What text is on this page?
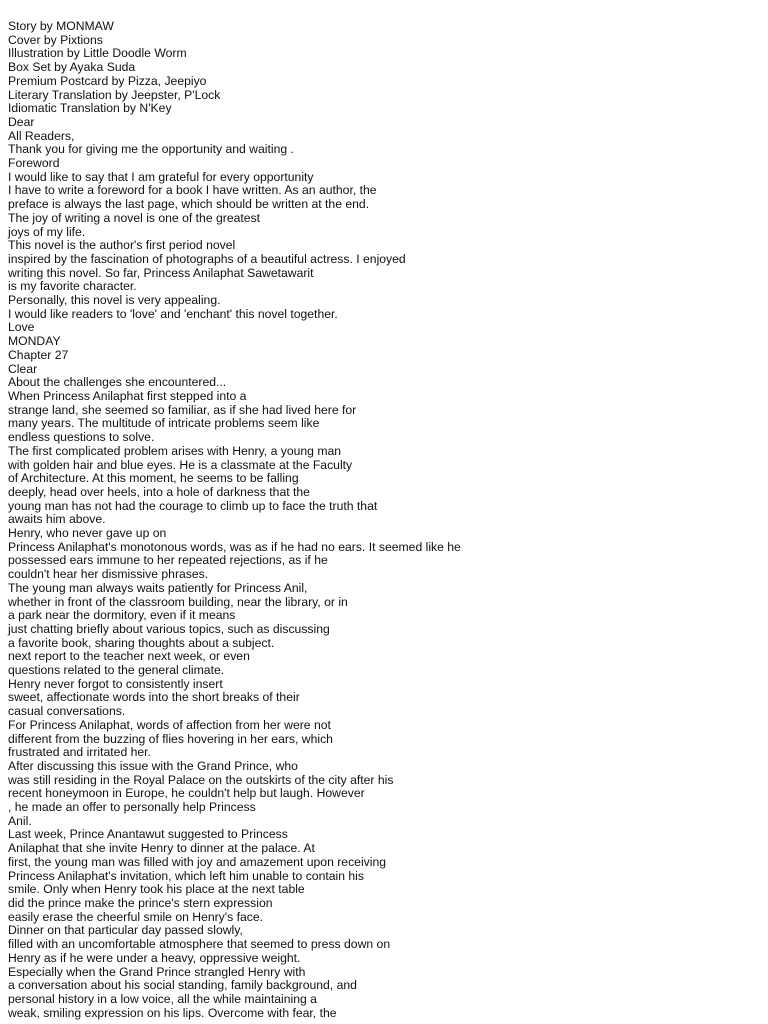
Story by MONMAW
Cover by Pixtions
Illustration by Little Doodle Worm
Box Set by Ayaka Suda
Premium Postcard by Pizza, Jeepiyo
Literary Translation by Jeepster, P'Lock
Idiomatic Translation by N'Key
Dear
All Readers,
Thank you for giving me the opportunity and waiting .
Foreword
I would like to say that I am grateful for every opportunity
I have to write a foreword for a book I have written. As an author, the
preface is always the last page, which should be written at the end.
The joy of writing a novel is one of the greatest
joys of my life.
This novel is the author's first period novel
inspired by the fascination of photographs of a beautiful actress. I enjoyed
writing this novel. So far, Princess Anilaphat Sawetawarit
is my favorite character.
Personally, this novel is very appealing.
I would like readers to 'love' and 'enchant' this novel together.
Love
MONDAY
Chapter 27
Clear
About the challenges she encountered...
When Princess Anilaphat first stepped into a
strange land, she seemed so familiar, as if she had lived here for
many years. The multitude of intricate problems seem like
endless questions to solve.
The first complicated problem arises with Henry, a young man
with golden hair and blue eyes. He is a classmate at the Faculty
of Architecture. At this moment, he seems to be falling
deeply, head over heels, into a hole of darkness that the
young man has not had the courage to climb up to face the truth that
awaits him above.
Henry, who never gave up on
Princess Anilaphat's monotonous words, was as if he had no ears. It seemed like he
possessed ears immune to her repeated rejections, as if he
couldn't hear her dismissive phrases.
The young man always waits patiently for Princess Anil,
whether in front of the classroom building, near the library, or in
a park near the dormitory, even if it means
just chatting briefly about various topics, such as discussing
a favorite book, sharing thoughts about a subject.
next report to the teacher next week, or even
questions related to the general climate.
Henry never forgot to consistently insert
sweet, affectionate words into the short breaks of their
casual conversations.
For Princess Anilaphat, words of affection from her were not
different from the buzzing of flies hovering in her ears, which
frustrated and irritated her.
After discussing this issue with the Grand Prince, who
was still residing in the Royal Palace on the outskirts of the city after his
recent honeymoon in Europe, he couldn't help but laugh. However
, he made an offer to personally help Princess
Anil.
Last week, Prince Anantawut suggested to Princess
Anilaphat that she invite Henry to dinner at the palace. At
first, the young man was filled with joy and amazement upon receiving
Princess Anilaphat's invitation, which left him unable to contain his
smile. Only when Henry took his place at the next table
did the prince make the prince's stern expression
easily erase the cheerful smile on Henry's face.
Dinner on that particular day passed slowly,
filled with an uncomfortable atmosphere that seemed to press down on
Henry as if he were under a heavy, oppressive weight.
Especially when the Grand Prince strangled Henry with
a conversation about his social standing, family background, and
personal history in a low voice, all the while maintaining a
weak, smiling expression on his lips. Overcome with fear, the
